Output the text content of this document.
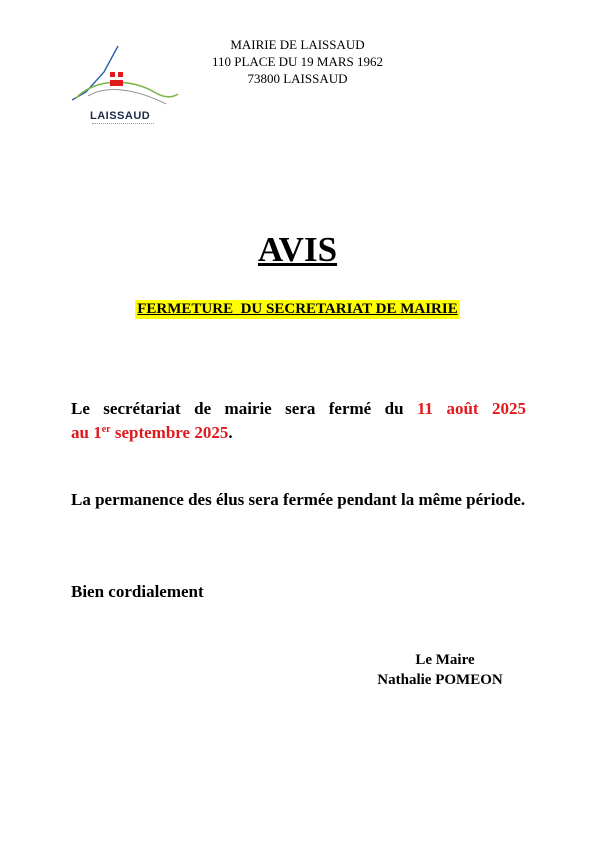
LAISSAUD
MAIRIE DE LAISSAUD
110 PLACE DU 19 MARS 1962
73800 LAISSAUD
AVIS
FERMETURE  DU SECRETARIAT DE MAIRIE
Le secrétariat de mairie sera fermé du 11 août 2025
au 1er septembre 2025.
La permanence des élus sera fermée pendant la même période.
Bien cordialement
Le Maire
Nathalie POMEON
